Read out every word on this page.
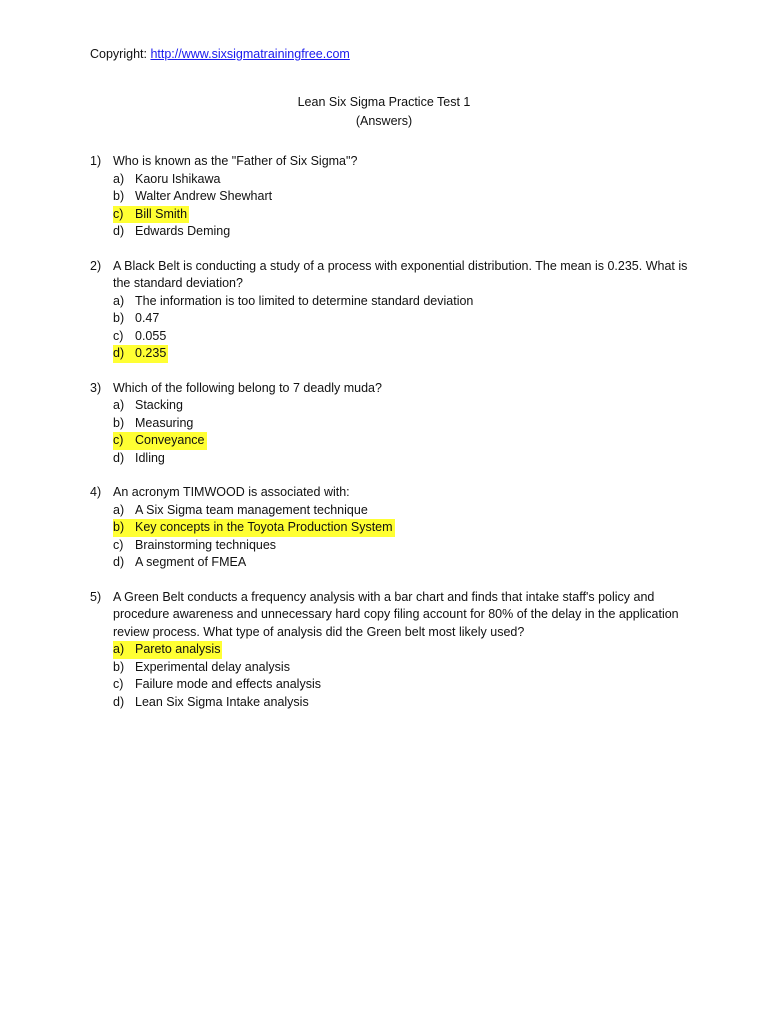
Copyright: http://www.sixsigmatrainingfree.com
Lean Six Sigma Practice Test 1
(Answers)
1) Who is known as the "Father of Six Sigma"?
a) Kaoru Ishikawa
b) Walter Andrew Shewhart
c) Bill Smith
d) Edwards Deming
2) A Black Belt is conducting a study of a process with exponential distribution. The mean is 0.235. What is the standard deviation?
a) The information is too limited to determine standard deviation
b) 0.47
c) 0.055
d) 0.235
3) Which of the following belong to 7 deadly muda?
a) Stacking
b) Measuring
c) Conveyance
d) Idling
4) An acronym TIMWOOD is associated with:
a) A Six Sigma team management technique
b) Key concepts in the Toyota Production System
c) Brainstorming techniques
d) A segment of FMEA
5) A Green Belt conducts a frequency analysis with a bar chart and finds that intake staff's policy and procedure awareness and unnecessary hard copy filing account for 80% of the delay in the application review process. What type of analysis did the Green belt most likely used?
a) Pareto analysis
b) Experimental delay analysis
c) Failure mode and effects analysis
d) Lean Six Sigma Intake analysis
